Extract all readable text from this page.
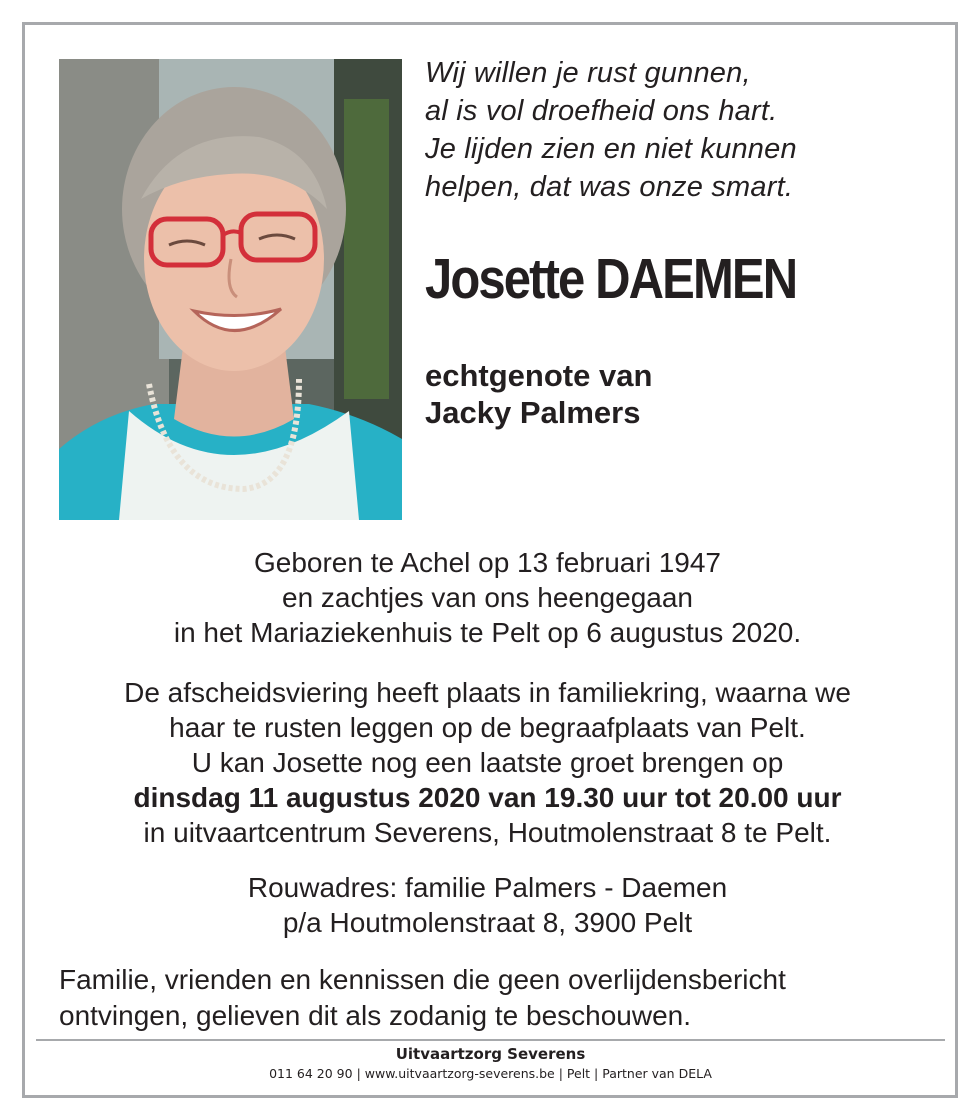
Wij willen je rust gunnen,
al is vol droefheid ons hart.
Je lijden zien en niet kunnen
helpen, dat was onze smart.
Josette DAEMEN
echtgenote van
Jacky Palmers
Geboren te Achel op 13 februari 1947
en zachtjes van ons heengegaan
in het Mariaziekenhuis te Pelt op 6 augustus 2020.
De afscheidsviering heeft plaats in familiekring, waarna we
haar te rusten leggen op de begraafplaats van Pelt.
U kan Josette nog een laatste groet brengen op
dinsdag 11 augustus 2020 van 19.30 uur tot 20.00 uur
in uitvaartcentrum Severens, Houtmolenstraat 8 te Pelt.
Rouwadres: familie Palmers - Daemen
p/a Houtmolenstraat 8, 3900 Pelt
Familie, vrienden en kennissen die geen overlijdensbericht
ontvingen, gelieven dit als zodanig te beschouwen.
Uitvaartzorg Severens
011 64 20 90 | www.uitvaartzorg-severens.be | Pelt | Partner van DELA
